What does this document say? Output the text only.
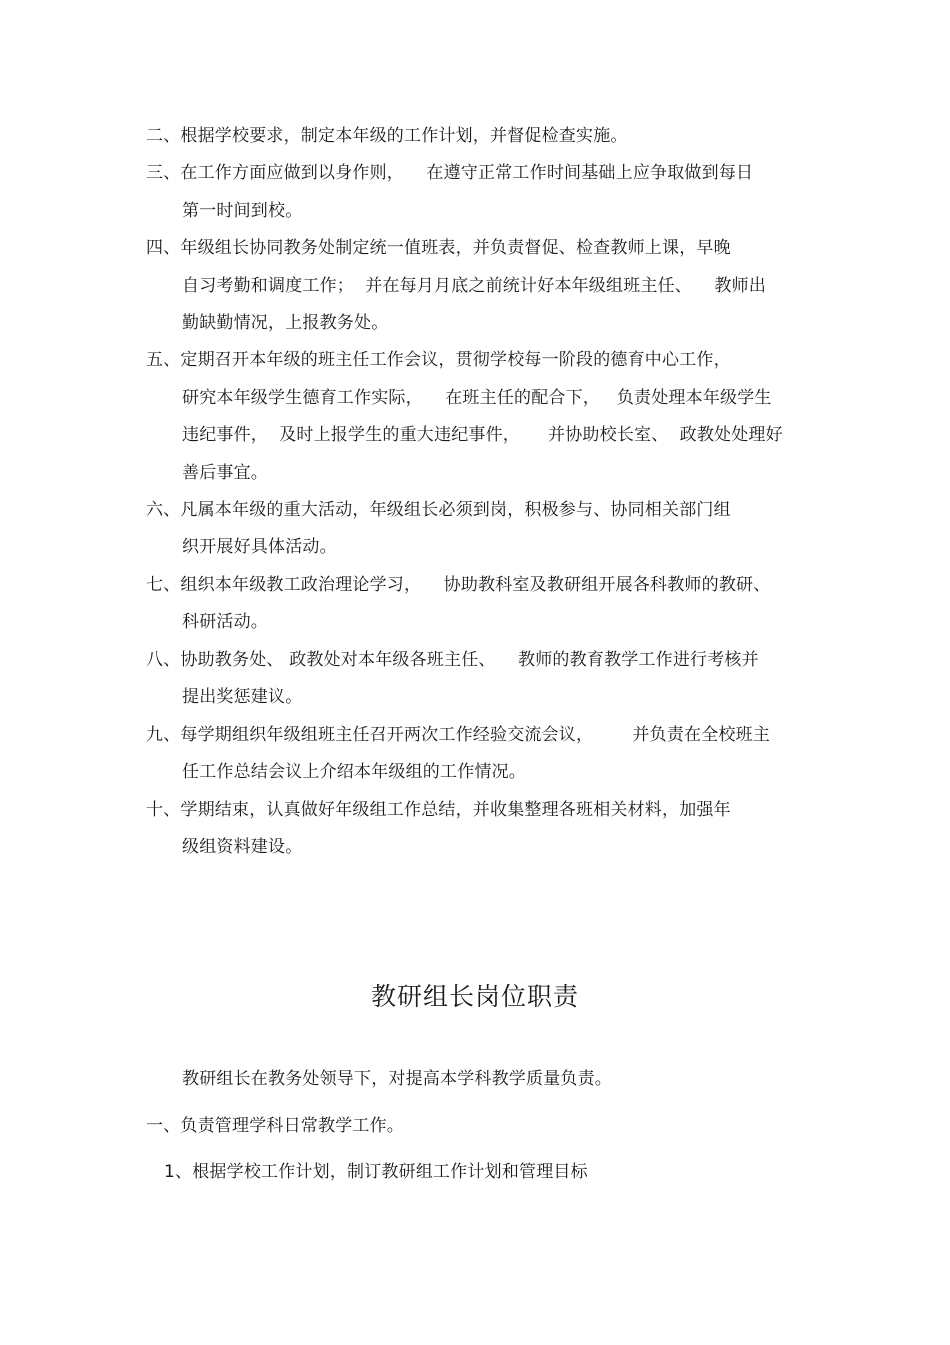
二、根据学校要求，制定本年级的工作计划，并督促检查实施。
三、在工作方面应做到以身作则，    在遵守正常工作时间基础上应争取做到每日
第一时间到校。
四、年级组长协同教务处制定统一值班表，并负责督促、检查教师上课，早晚
自习考勤和调度工作；  并在每月月底之前统计好本年级组班主任、    教师出
勤缺勤情况，上报教务处。
五、定期召开本年级的班主任工作会议，贯彻学校每一阶段的德育中心工作，
研究本年级学生德育工作实际，    在班主任的配合下，   负责处理本年级学生
违纪事件，  及时上报学生的重大违纪事件，     并协助校长室、  政教处处理好
善后事宜。
六、凡属本年级的重大活动，年级组长必须到岗，积极参与、协同相关部门组
织开展好具体活动。
七、组织本年级教工政治理论学习，    协助教科室及教研组开展各科教师的教研、
科研活动。
八、协助教务处、 政教处对本年级各班主任、    教师的教育教学工作进行考核并
提出奖惩建议。
九、每学期组织年级组班主任召开两次工作经验交流会议，       并负责在全校班主
任工作总结会议上介绍本年级组的工作情况。
十、学期结束，认真做好年级组工作总结，并收集整理各班相关材料，加强年
级组资料建设。
教研组长岗位职责
教研组长在教务处领导下，对提高本学科教学质量负责。
一、负责管理学科日常教学工作。
1、根据学校工作计划，制订教研组工作计划和管理目标
